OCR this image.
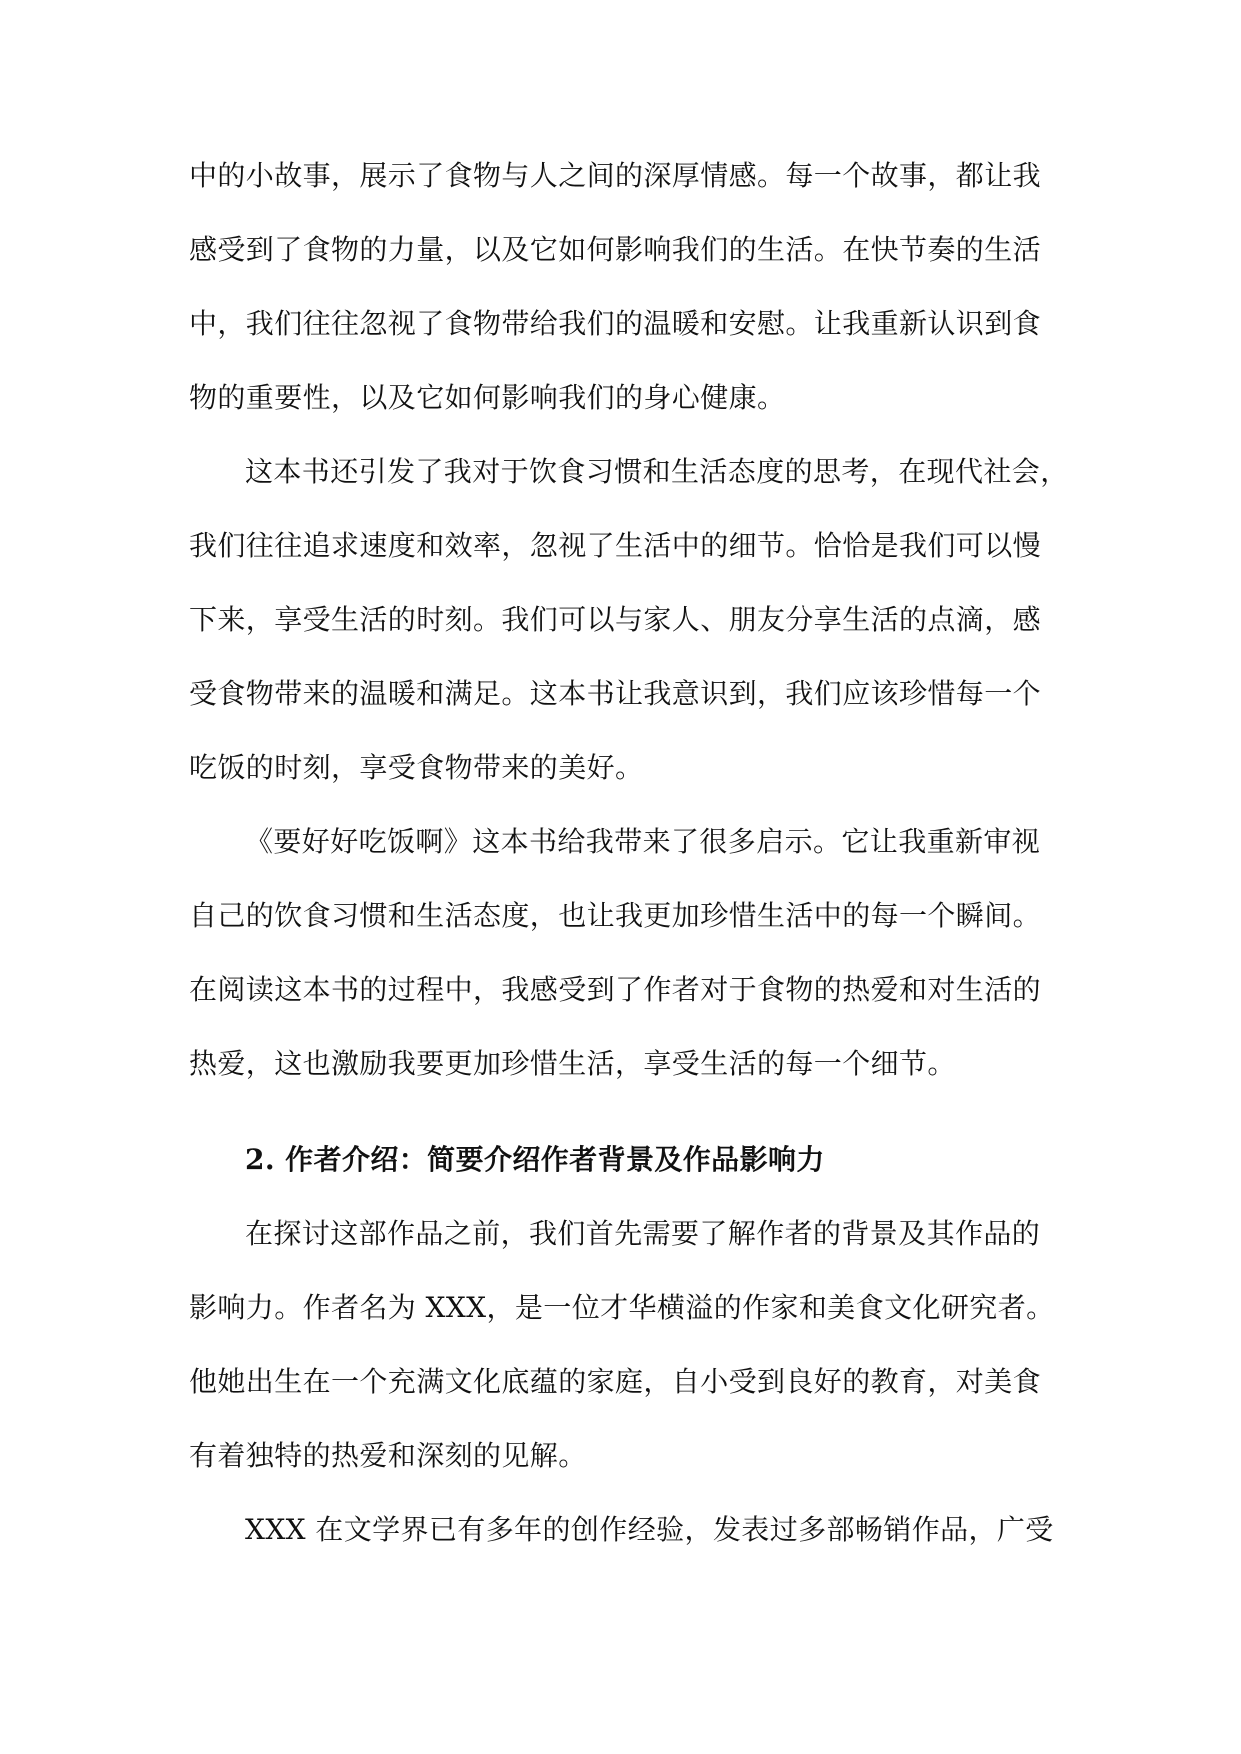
中的小故事，展示了食物与人之间的深厚情感。每一个故事，都让我
感受到了食物的力量，以及它如何影响我们的生活。在快节奏的生活
中，我们往往忽视了食物带给我们的温暖和安慰。让我重新认识到食
物的重要性，以及它如何影响我们的身心健康。
这本书还引发了我对于饮食习惯和生活态度的思考，在现代社会，
我们往往追求速度和效率，忽视了生活中的细节。恰恰是我们可以慢
下来，享受生活的时刻。我们可以与家人、朋友分享生活的点滴，感
受食物带来的温暖和满足。这本书让我意识到，我们应该珍惜每一个
吃饭的时刻，享受食物带来的美好。
《要好好吃饭啊》这本书给我带来了很多启示。它让我重新审视
自己的饮食习惯和生活态度，也让我更加珍惜生活中的每一个瞬间。
在阅读这本书的过程中，我感受到了作者对于食物的热爱和对生活的
热爱，这也激励我要更加珍惜生活，享受生活的每一个细节。
2. 作者介绍：简要介绍作者背景及作品影响力
在探讨这部作品之前，我们首先需要了解作者的背景及其作品的
影响力。作者名为 XXX，是一位才华横溢的作家和美食文化研究者。
他她出生在一个充满文化底蕴的家庭，自小受到良好的教育，对美食
有着独特的热爱和深刻的见解。
XXX 在文学界已有多年的创作经验，发表过多部畅销作品，广受
